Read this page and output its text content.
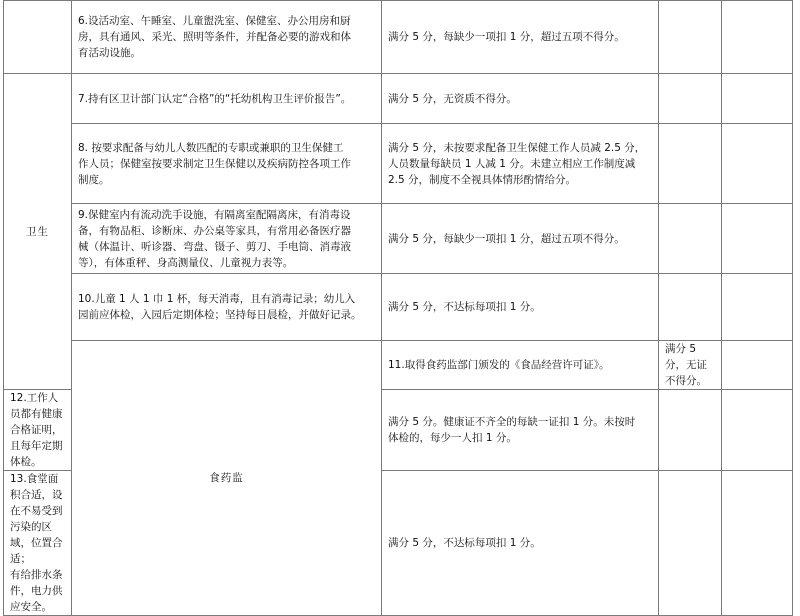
	6.设活动室、午睡室、儿童盥洗室、保健室、办公用房和厨
房，具有通风、采光、照明等条件，并配备必要的游戏和体
育活动设施。	满分 5 分，每缺少一项扣 1 分，超过五项不得分。			

卫生	7.持有区卫计部门认定“合格”的“托幼机构卫生评价报告”。	满分 5 分，无资质不得分。			

	8. 按要求配备与幼儿人数匹配的专职或兼职的卫生保健工
作人员；保健室按要求制定卫生保健以及疾病防控各项工作
制度。	满分 5 分，未按要求配备卫生保健工作人员减 2.5 分，
人员数量每缺员 1 人减 1 分。未建立相应工作制度减
2.5 分，制度不全视具体情形酌情给分。			

	9.保健室内有流动洗手设施，有隔离室配隔离床，有消毒设
备，有物品柜、诊断床、办公桌等家具，有常用必备医疗器
械（体温计、听诊器、弯盘、镊子、剪刀、手电筒、消毒液
等），有体重秤、身高测量仪、儿童视力表等。	满分 5 分，每缺少一项扣 1 分，超过五项不得分。			

	10.儿童 1 人 1 巾 1 杯，每天消毒，且有消毒记录；幼儿入
园前应体检，入园后定期体检；坚持每日晨检，并做好记录。	满分 5 分，不达标每项扣 1 分。			

	食药监	11.取得食药监部门颁发的《食品经营许可证》。	满分 5 分，无证不得分。		

12.工作人员都有健康合格证明，且每年定期体检。		满分 5 分。健康证不齐全的每缺一证扣 1 分。未按时
体检的，每少一人扣 1 分。			

13.食堂面积合适，设在不易受到污染的区域，位置合适；
有给排水条件，电力供应安全。		满分 5 分，不达标每项扣 1 分。			
